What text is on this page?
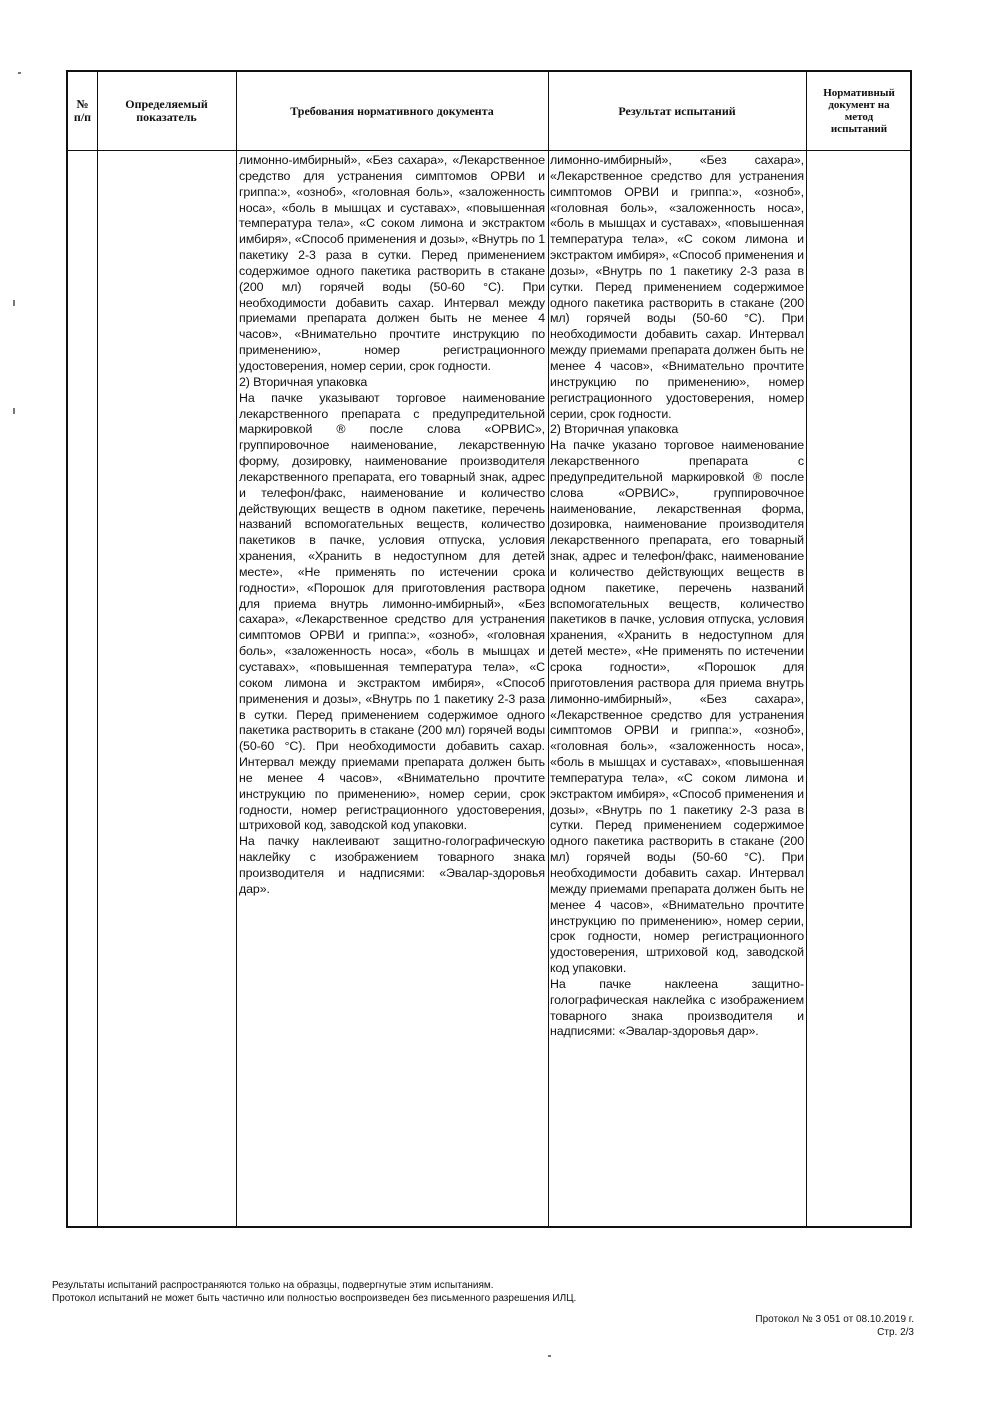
№
п/п
Определяемый
показатель	Требования нормативного документа	Результат испытаний
Нормативный
документ на
метод
испытаний
лимонно-имбирный», «Без сахара», «Лекарственное средство для устранения симптомов ОРВИ и гриппа:», «озноб», «головная боль», «заложенность носа», «боль в мышцах и суставах», «повышенная температура тела», «С соком лимона и экстрактом имбиря», «Способ применения и дозы», «Внутрь по 1 пакетику 2-3 раза в сутки. Перед применением содержимое одного пакетика растворить в стакане (200 мл) горячей воды (50-60 °С). При необходимости добавить сахар. Интервал между приемами препарата должен быть не менее 4 часов», «Внимательно прочтите инструкцию по применению», номер регистрационного удостоверения, номер серии, срок годности.
2) Вторичная упаковка
На пачке указывают торговое наименование лекарственного препарата с предупредительной маркировкой ® после слова «ОРВИС», группировочное наименование, лекарственную форму, дозировку, наименование производителя лекарственного препарата, его товарный знак, адрес и телефон/факс, наименование и количество действующих веществ в одном пакетике, перечень названий вспомогательных веществ, количество пакетиков в пачке, условия отпуска, условия хранения, «Хранить в недоступном для детей месте», «Не применять по истечении срока годности», «Порошок для приготовления раствора для приема внутрь лимонно-имбирный», «Без сахара», «Лекарственное средство для устранения симптомов ОРВИ и гриппа:», «озноб», «головная боль», «заложенность носа», «боль в мышцах и суставах», «повышенная температура тела», «С соком лимона и экстрактом имбиря», «Способ применения и дозы», «Внутрь по 1 пакетику 2-3 раза в сутки. Перед применением содержимое одного пакетика растворить в стакане (200 мл) горячей воды (50-60 °С). При необходимости добавить сахар. Интервал между приемами препарата должен быть не менее 4 часов», «Внимательно прочтите инструкцию по применению», номер серии, срок годности, номер регистрационного удостоверения, штриховой код, заводской код упаковки.
На пачку наклеивают защитно-голографическую наклейку с изображением товарного знака производителя и надписями: «Эвалар-здоровья дар».
лимонно-имбирный», «Без сахара», «Лекарственное средство для устранения симптомов ОРВИ и гриппа:», «озноб», «головная боль», «заложенность носа», «боль в мышцах и суставах», «повышенная температура тела», «С соком лимона и экстрактом имбиря», «Способ применения и дозы», «Внутрь по 1 пакетику 2-3 раза в сутки. Перед применением содержимое одного пакетика растворить в стакане (200 мл) горячей воды (50-60 °С). При необходимости добавить сахар. Интервал между приемами препарата должен быть не менее 4 часов», «Внимательно прочтите инструкцию по применению», номер регистрационного удостоверения, номер серии, срок годности.
2) Вторичная упаковка
На пачке указано торговое наименование лекарственного препарата с предупредительной маркировкой ® после слова «ОРВИС», группировочное наименование, лекарственная форма, дозировка, наименование производителя лекарственного препарата, его товарный знак, адрес и телефон/факс, наименование и количество действующих веществ в одном пакетике, перечень названий вспомогательных веществ, количество пакетиков в пачке, условия отпуска, условия хранения, «Хранить в недоступном для детей месте», «Не применять по истечении срока годности», «Порошок для приготовления раствора для приема внутрь лимонно-имбирный», «Без сахара», «Лекарственное средство для устранения симптомов ОРВИ и гриппа:», «озноб», «головная боль», «заложенность носа», «боль в мышцах и суставах», «повышенная температура тела», «С соком лимона и экстрактом имбиря», «Способ применения и дозы», «Внутрь по 1 пакетику 2-3 раза в сутки. Перед применением содержимое одного пакетика растворить в стакане (200 мл) горячей воды (50-60 °С). При необходимости добавить сахар. Интервал между приемами препарата должен быть не менее 4 часов», «Внимательно прочтите инструкцию по применению», номер серии, срок годности, номер регистрационного удостоверения, штриховой код, заводской код упаковки.
На пачке наклеена защитно-голографическая наклейка с изображением товарного знака производителя и надписями: «Эвалар-здоровья дар».
Результаты испытаний распространяются только на образцы, подвергнутые этим испытаниям.
Протокол испытаний не может быть частично или полностью воспроизведен без письменного разрешения ИЛЦ.
Протокол № 3 051 от 08.10.2019 г.
Стр. 2/3
